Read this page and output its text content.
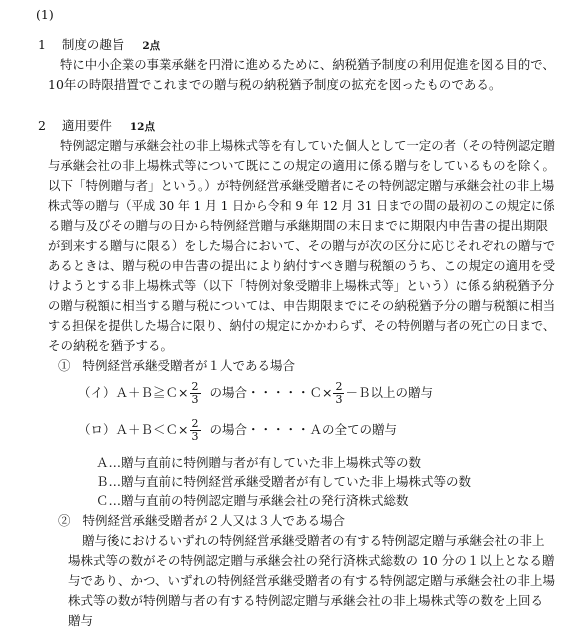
(1)
1 制度の趣旨 2点
特に中小企業の事業承継を円滑に進めるために、納税猶予制度の利用促進を図る目的で、
10年の時限措置でこれまでの贈与税の納税猶予制度の拡充を図ったものである。
2 適用要件 12点
特例認定贈与承継会社の非上場株式等を有していた個人として一定の者（その特例認定贈
与承継会社の非上場株式等について既にこの規定の適用に係る贈与をしているものを除く。
以下「特例贈与者」という。）が特例経営承継受贈者にその特例認定贈与承継会社の非上場
株式等の贈与（平成 30 年 1 月 1 日から令和 9 年 12 月 31 日までの間の最初のこの規定に係
る贈与及びその贈与の日から特例経営贈与承継期間の末日までに期限内申告書の提出期限
が到来する贈与に限る）をした場合において、その贈与が次の区分に応じそれぞれの贈与で
あるときは、贈与税の申告書の提出により納付すべき贈与税額のうち、この規定の適用を受
けようとする非上場株式等（以下「特例対象受贈非上場株式等」という）に係る納税猶予分
の贈与税額に相当する贈与税については、申告期限までにその納税猶予分の贈与税額に相当
する担保を提供した場合に限り、納付の規定にかかわらず、その特例贈与者の死亡の日まで、
その納税を猶予する。
① 特例経営承継受贈者が１人である場合
（イ）Ａ＋Ｂ≧Ｃ× $\frac{2}{3}$ の場合・・・・・Ｃ× $\frac{2}{3}$ －Ｂ以上の贈与
（ロ）Ａ＋Ｂ＜Ｃ× $\frac{2}{3}$ の場合・・・・・Ａの全ての贈与
Ａ…贈与直前に特例贈与者が有していた非上場株式等の数
Ｂ…贈与直前に特例経営承継受贈者が有していた非上場株式等の数
Ｃ…贈与直前の特例認定贈与承継会社の発行済株式総数
② 特例経営承継受贈者が２人又は３人である場合
贈与後におけるいずれの特例経営承継受贈者の有する特例認定贈与承継会社の非上
場株式等の数がその特例認定贈与承継会社の発行済株式総数の 10 分の１以上となる贈
与であり、かつ、いずれの特例経営承継受贈者の有する特例認定贈与承継会社の非上場
株式等の数が特例贈与者の有する特例認定贈与承継会社の非上場株式等の数を上回る
贈与
